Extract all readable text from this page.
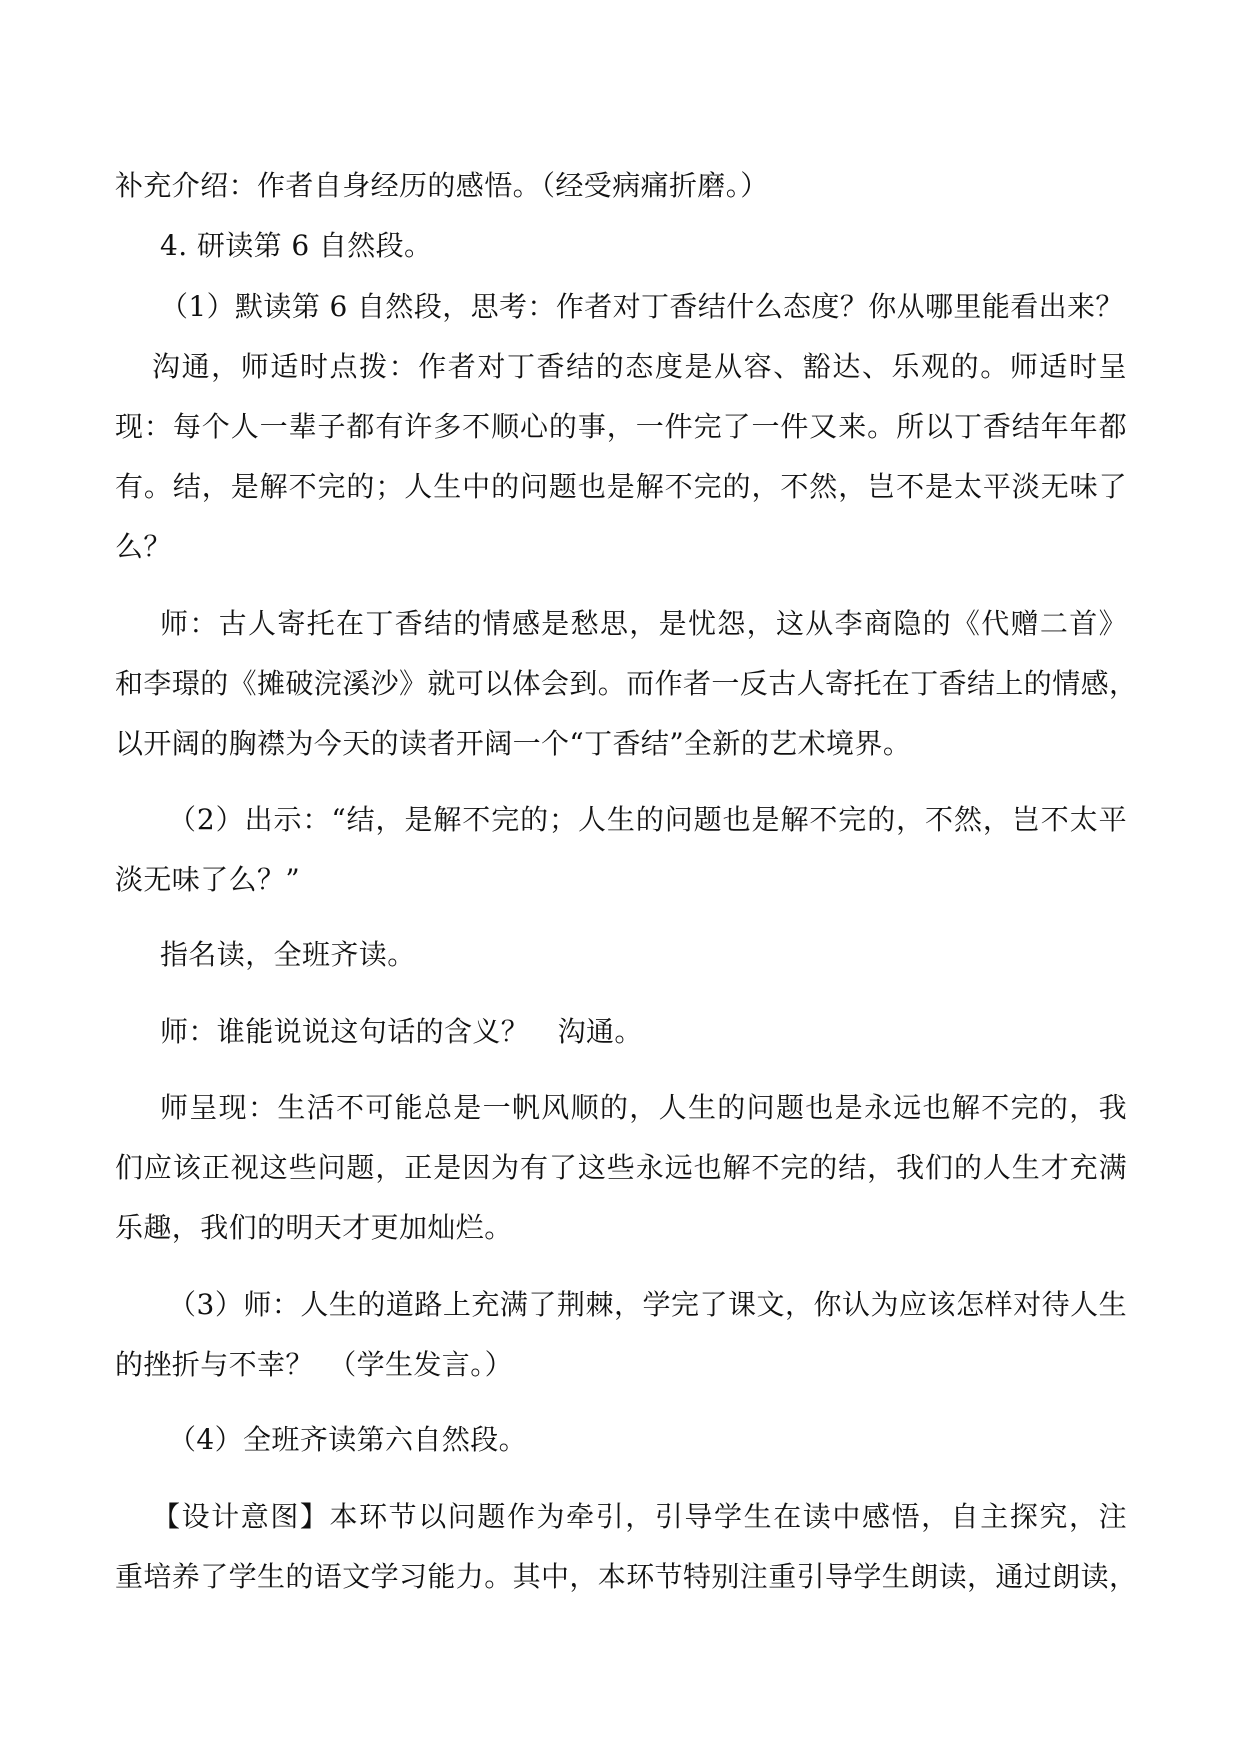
补充介绍：作者自身经历的感悟。（经受病痛折磨。）

4. 研读第 6 自然段。

（1）默读第 6 自然段，思考：作者对丁香结什么态度？你从哪里能看出来？

沟通，师适时点拨：作者对丁香结的态度是从容、豁达、乐观的。师适时呈

现：每个人一辈子都有许多不顺心的事，一件完了一件又来。所以丁香结年年都

有。结，是解不完的；人生中的问题也是解不完的，不然，岂不是太平淡无味了

么？

师：古人寄托在丁香结的情感是愁思，是忧怨，这从李商隐的《代赠二首》

和李璟的《摊破浣溪沙》就可以体会到。而作者一反古人寄托在丁香结上的情感，

以开阔的胸襟为今天的读者开阔一个“丁香结”全新的艺术境界。

（2）出示：“结，是解不完的；人生的问题也是解不完的，不然，岂不太平

淡无味了么？”

指名读，全班齐读。

师：谁能说说这句话的含义？　沟通。

师呈现：生活不可能总是一帆风顺的，人生的问题也是永远也解不完的，我

们应该正视这些问题，正是因为有了这些永远也解不完的结，我们的人生才充满

乐趣，我们的明天才更加灿烂。

（3）师：人生的道路上充满了荆棘，学完了课文，你认为应该怎样对待人生

的挫折与不幸？　（学生发言。）

（4）全班齐读第六自然段。

【设计意图】本环节以问题作为牵引，引导学生在读中感悟，自主探究，注

重培养了学生的语文学习能力。其中，本环节特别注重引导学生朗读，通过朗读，
